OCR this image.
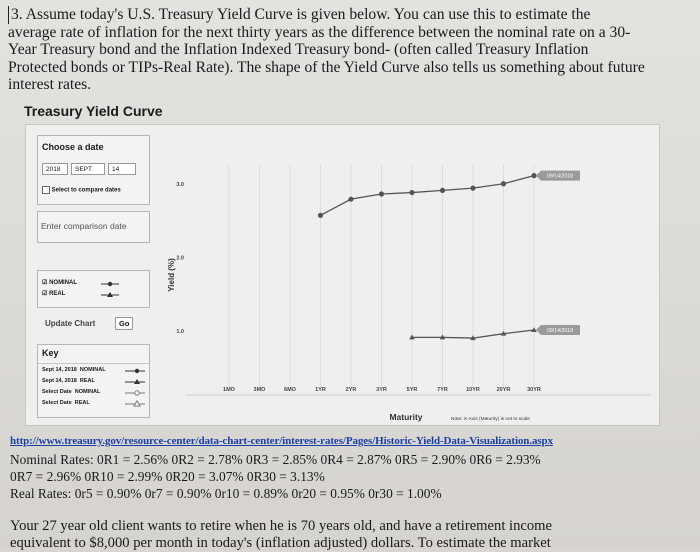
3. Assume today's U.S. Treasury Yield Curve is given below. You can use this to estimate the
average rate of inflation for the next thirty years as the difference between the nominal rate on a 30-
Year Treasury bond and the Inflation Indexed Treasury bond- (often called Treasury Inflation
Protected bonds or TIPs-Real Rate). The shape of the Yield Curve also tells us something about future
interest rates.
Treasury Yield Curve
Choose a date
2018	SEPT	14
Select to compare dates
Enter comparison date
☑ NOMINAL
☑ REAL
Update Chart	Go
Key
Sept 14, 2018 NOMINAL
Sept 14, 2018 REAL
Select Date NOMINAL
Select Date REAL
1.0
2.0
3.0
Yield (%)
09/14/2018
09/14/2018
1MO	3MO	6MO	1YR	2YR	3YR	5YR	7YR	10YR	20YR	30YR
Maturity	Note: X-Axis (Maturity) is not to scale
http://www.treasury.gov/resource-center/data-chart-center/interest-rates/Pages/Historic-Yield-Data-Visualization.aspx
Nominal Rates: 0R1 = 2.56% 0R2 = 2.78% 0R3 = 2.85% 0R4 = 2.87% 0R5 = 2.90% 0R6 = 2.93%
0R7 = 2.96% 0R10 = 2.99% 0R20 = 3.07% 0R30 = 3.13%
Real Rates: 0r5 = 0.90% 0r7 = 0.90% 0r10 = 0.89% 0r20 = 0.95% 0r30 = 1.00%
Your 27 year old client wants to retire when he is 70 years old, and have a retirement income
equivalent to $8,000 per month in today's (inflation adjusted) dollars. To estimate the market
